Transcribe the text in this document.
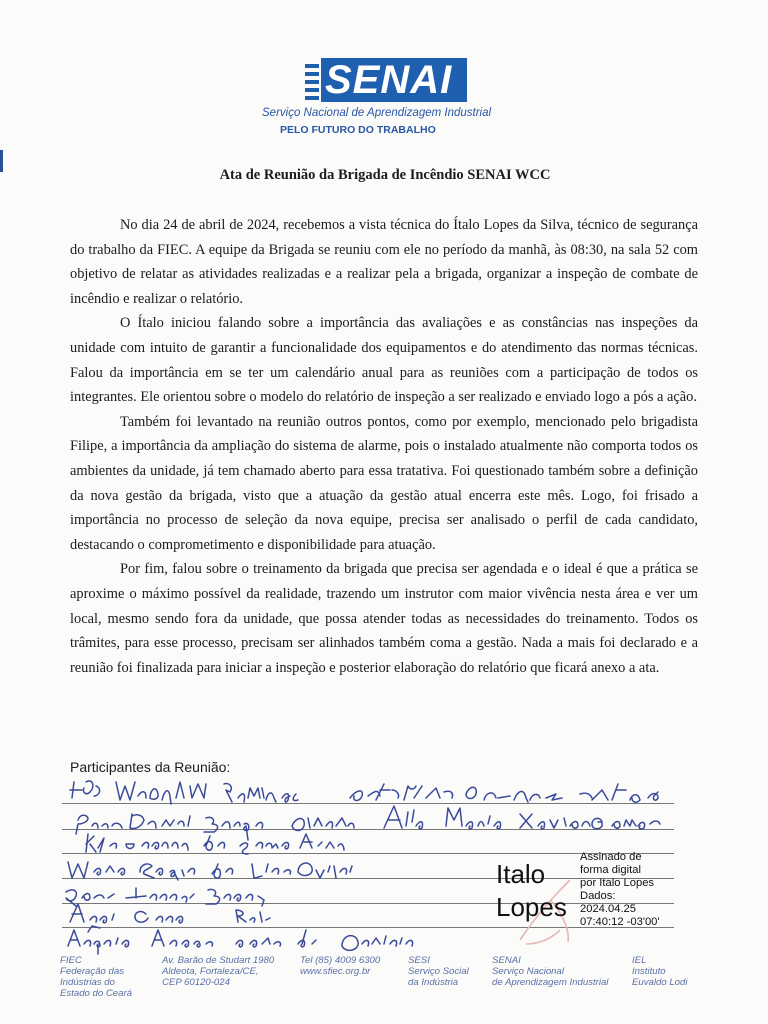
SENAI
Serviço Nacional de Aprendizagem Industrial
PELO FUTURO DO TRABALHO
Ata de Reunião da Brigada de Incêndio SENAI WCC

No dia 24 de abril de 2024, recebemos a vista técnica do Ítalo Lopes da Silva, técnico de segurança do trabalho da FIEC. A equipe da Brigada se reuniu com ele no período da manhã, às 08:30, na sala 52 com objetivo de relatar as atividades realizadas e a realizar pela a brigada, organizar a inspeção de combate de incêndio e realizar o relatório.

O Ítalo iniciou falando sobre a importância das avaliações e as constâncias nas inspeções da unidade com intuito de garantir a funcionalidade dos equipamentos e do atendimento das normas técnicas. Falou da importância em se ter um calendário anual para as reuniões com a participação de todos os integrantes. Ele orientou sobre o modelo do relatório de inspeção a ser realizado e enviado logo a pós a ação.

Também foi levantado na reunião outros pontos, como por exemplo, mencionado pelo brigadista Filipe, a importância da ampliação do sistema de alarme, pois o instalado atualmente não comporta todos os ambientes da unidade, já tem chamado aberto para essa tratativa. Foi questionado também sobre a definição da nova gestão da brigada, visto que a atuação da gestão atual encerra este mês. Logo, foi frisado a importância no processo de seleção da nova equipe, precisa ser analisado o perfil de cada candidato, destacando o comprometimento e disponibilidade para atuação.

Por fim, falou sobre o treinamento da brigada que precisa ser agendada e o ideal é que a prática se aproxime o máximo possível da realidade, trazendo um instrutor com maior vivência nesta área e ver um local, mesmo sendo fora da unidade, que possa atender todas as necessidades do treinamento. Todos os trâmites, para esse processo, precisam ser alinhados também coma a gestão. Nada a mais foi declarado e a reunião foi finalizada para iniciar a inspeção e posterior elaboração do relatório que ficará anexo a ata.

Participantes da Reunião:
Italo
Lopes
Assinado de
forma digital
por Italo Lopes
Dados:
2024.04.25
07:40:12 -03'00'
FIEC
Federação das
Indústrias do
Estado do Ceará
Av. Barão de Studart 1980
Aldeota, Fortaleza/CE,
CEP 60120-024
Tel (85) 4009 6300
www.sfiec.org.br
SESI
Serviço Social
da Indústria
SENAI
Serviço Nacional
de Aprendizagem Industrial
IEL
Instituto
Euvaldo Lodi
